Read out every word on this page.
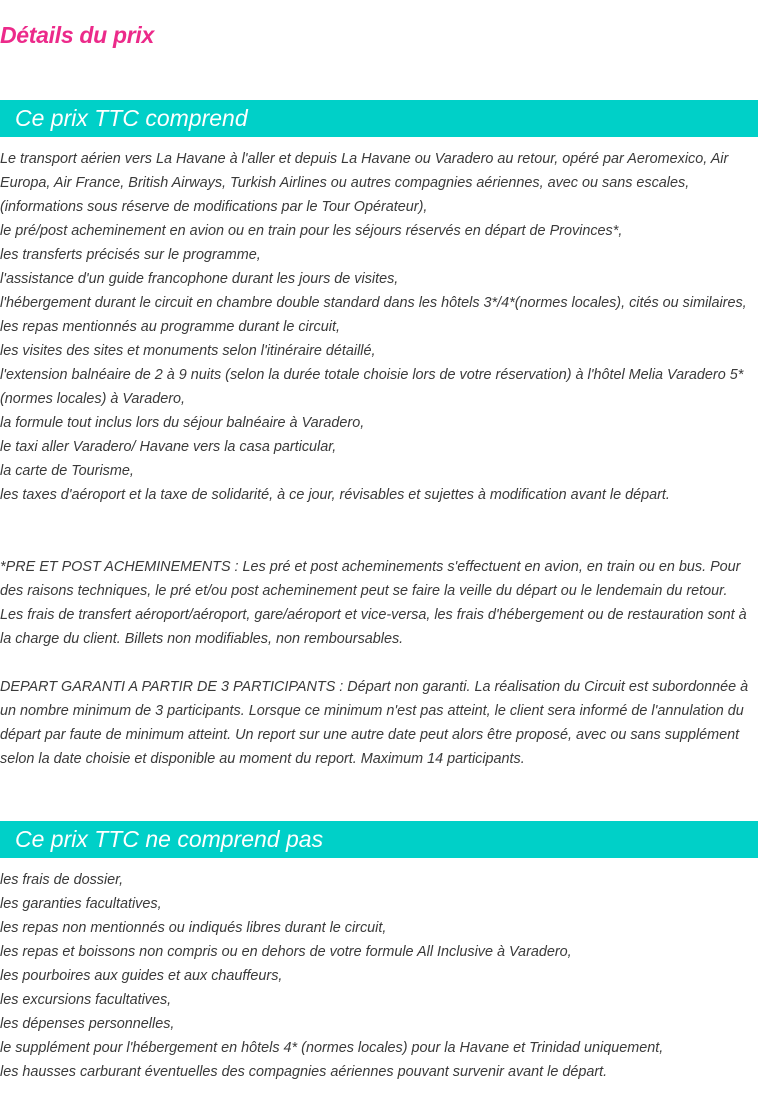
Détails du prix
Ce prix TTC comprend

Le transport aérien vers La Havane à l'aller et depuis La Havane ou Varadero au retour, opéré par Aeromexico, Air Europa, Air France, British Airways, Turkish Airlines ou autres compagnies aériennes, avec ou sans escales, (informations sous réserve de modifications par le Tour Opérateur),

le pré/post acheminement en avion ou en train pour les séjours réservés en départ de Provinces*,

les transferts précisés sur le programme,

l'assistance d'un guide francophone durant les jours de visites,

l'hébergement durant le circuit en chambre double standard dans les hôtels 3*/4*(normes locales), cités ou similaires,

les repas mentionnés au programme durant le circuit,

les visites des sites et monuments selon l'itinéraire détaillé,

l'extension balnéaire de 2 à 9 nuits (selon la durée totale choisie lors de votre réservation) à l'hôtel Melia Varadero 5* (normes locales) à Varadero,

la formule tout inclus lors du séjour balnéaire à Varadero,

le taxi aller Varadero/ Havane vers la casa particular,

la carte de Tourisme,

les taxes d'aéroport et la taxe de solidarité, à ce jour, révisables et sujettes à modification avant le départ.

*PRE ET POST ACHEMINEMENTS : Les pré et post acheminements s'effectuent en avion, en train ou en bus. Pour des raisons techniques, le pré et/ou post acheminement peut se faire la veille du départ ou le lendemain du retour. Les frais de transfert aéroport/aéroport, gare/aéroport et vice-versa, les frais d'hébergement ou de restauration sont à la charge du client. Billets non modifiables, non remboursables.

DEPART GARANTI A PARTIR DE 3 PARTICIPANTS : Départ non garanti. La réalisation du Circuit est subordonnée à un nombre minimum de 3 participants. Lorsque ce minimum n'est pas atteint, le client sera informé de l'annulation du départ par faute de minimum atteint. Un report sur une autre date peut alors être proposé, avec ou sans supplément selon la date choisie et disponible au moment du report. Maximum 14 participants.

Ce prix TTC ne comprend pas

les frais de dossier,

les garanties facultatives,

les repas non mentionnés ou indiqués libres durant le circuit,

les repas et boissons non compris ou en dehors de votre formule All Inclusive à Varadero,

les pourboires aux guides et aux chauffeurs,

les excursions facultatives,

les dépenses personnelles,

le supplément pour l'hébergement en hôtels 4* (normes locales) pour la Havane et Trinidad uniquement,

les hausses carburant éventuelles des compagnies aériennes pouvant survenir avant le départ.
